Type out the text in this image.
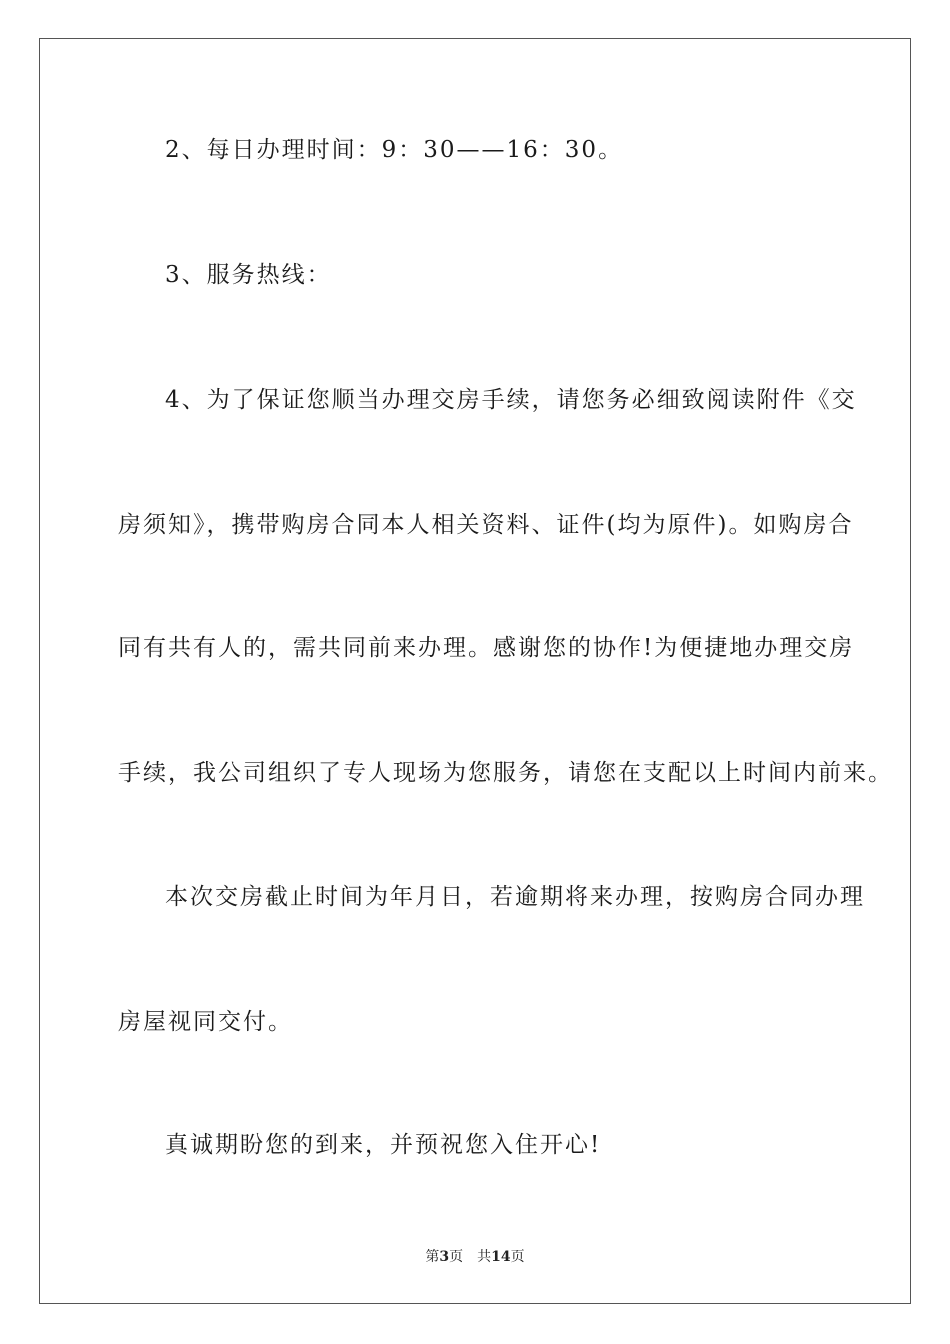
2、每日办理时间：9：30——16：30。
3、服务热线：
4、为了保证您顺当办理交房手续，请您务必细致阅读附件《交
房须知》，携带购房合同本人相关资料、证件(均为原件)。如购房合
同有共有人的，需共同前来办理。感谢您的协作!为便捷地办理交房
手续，我公司组织了专人现场为您服务，请您在支配以上时间内前来。
本次交房截止时间为年月日，若逾期将来办理，按购房合同办理
房屋视同交付。
真诚期盼您的到来，并预祝您入住开心!
第3页 共14页
